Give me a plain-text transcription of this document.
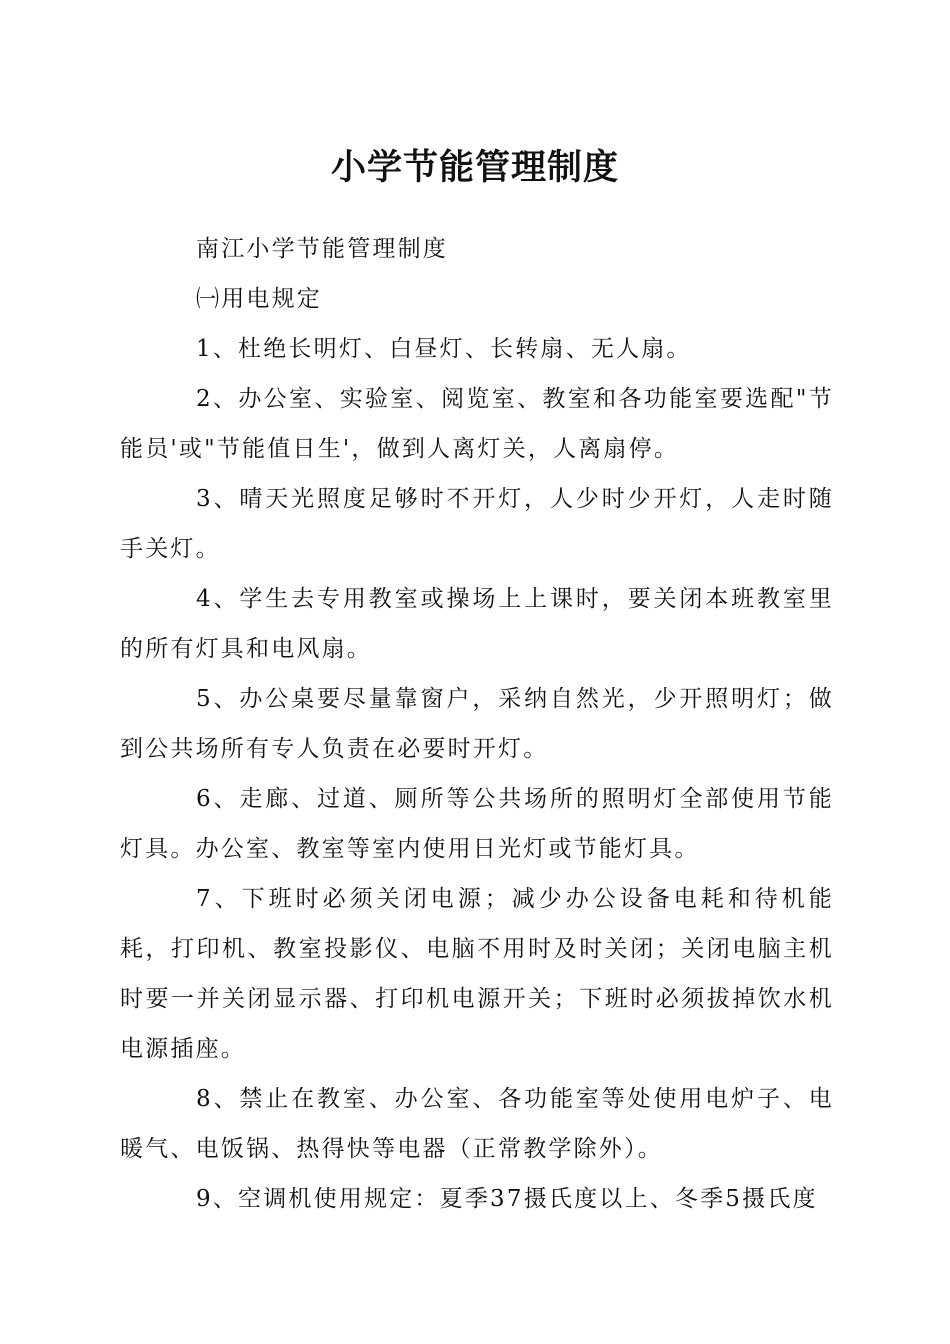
小学节能管理制度

南江小学节能管理制度

㈠用电规定

1、杜绝长明灯、白昼灯、长转扇、无人扇。

2、办公室、实验室、阅览室、教室和各功能室要选配"节能员'或"节能值日生'，做到人离灯关，人离扇停。

3、晴天光照度足够时不开灯，人少时少开灯，人走时随手关灯。

4、学生去专用教室或操场上上课时，要关闭本班教室里的所有灯具和电风扇。

5、办公桌要尽量靠窗户，采纳自然光，少开照明灯；做到公共场所有专人负责在必要时开灯。

6、走廊、过道、厕所等公共场所的照明灯全部使用节能灯具。办公室、教室等室内使用日光灯或节能灯具。

7、下班时必须关闭电源；减少办公设备电耗和待机能耗，打印机、教室投影仪、电脑不用时及时关闭；关闭电脑主机时要一并关闭显示器、打印机电源开关；下班时必须拔掉饮水机电源插座。

8、禁止在教室、办公室、各功能室等处使用电炉子、电暖气、电饭锅、热得快等电器（正常教学除外）。

9、空调机使用规定：夏季37摄氏度以上、冬季5摄氏度
